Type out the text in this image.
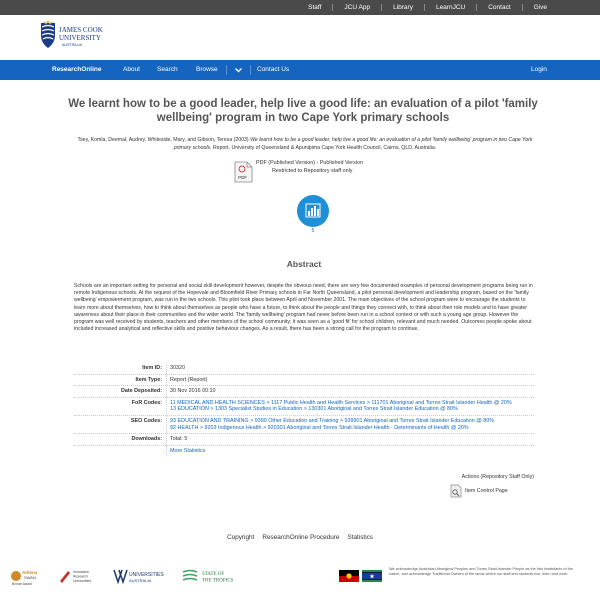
Staff	JCU App	Library	LearnJCU	Contact	Give
JAMES COOK
UNIVERSITY
AUSTRALIA
ResearchOnline	About	Search	Browse	Contact Us	Login
We learnt how to be a good leader, help live a good life: an evaluation of a pilot 'family wellbeing' program in two Cape York primary schools
Tsey, Komla, Deemal, Audrey, Whiteside, Mary, and Gibson, Teresa (2003) We learnt how to be a good leader, help live a good life: an evaluation of a pilot 'family wellbeing' program in two Cape York primary schools. Report. University of Queensland & Apunipima Cape York Health Council, Cairns, QLD, Australia.
PDF
PDF (Published Version) - Published Version
Restricted to Repository staff only
5
Abstract
Schools are an important setting for personal and social skill development however, despite the obvious need, there are very few documented examples of personal development programs being run in remote Indigenous schools. At the request of the Hopevale and Bloomfield River Primary schools in Far North Queensland, a pilot personal development and leadership program, based on the 'family wellbeing' empowerment program, was run in the two schools. This pilot took place between April and November 2001. The main objectives of the school program were to encourage the students to learn more about themselves, how to think about themselves as people who have a future, to think about the people and things they connect with, to think about their role models and to have greater awareness about their place in their communities and the wider world. The 'family wellbeing' program had never before been run in a school context or with such a young age group. However the program was well received by students, teachers and other members of the school community; it was seen as a 'good fit' for school children, relevant and much needed. Outcomes people spoke about included increased analytical and reflective skills and positive behaviour changes. As a result, there has been a strong call for the program to continue.
Item ID:	30320
Item Type:	Report (Report)
Date Deposited:	30 Nov 2016 00:10
FoR Codes:	11 MEDICAL AND HEALTH SCIENCES > 1117 Public Health and Health Services > 111701 Aboriginal and Torres Strait Islander Health @ 20%
13 EDUCATION > 1303 Specialist Studies in Education > 130301 Aboriginal and Torres Strait Islander Education @ 80%
SEO Codes:	93 EDUCATION AND TRAINING > 9399 Other Education and Training > 939901 Aboriginal and Torres Strait Islander Education @ 80%
92 HEALTH > 9203 Indigenous Health > 920301 Aboriginal and Torres Strait Islander Health - Determinants of Health @ 20%
Downloads:	Total: 5
More Statistics
Actions (Repository Staff Only)
Item Control Page
Copyright ResearchOnline Procedure Statistics
Athena
SWAN
Bronze Award
Innovative
Research
Universities
UNIVERSITIES
AUSTRALIA
STATE OF
THE TROPICS
We acknowledge Australian Aboriginal Peoples and Torres Strait Islander People as the first inhabitants of the nation, and acknowledge Traditional Owners of the lands where our staff and students live, learn and work.
